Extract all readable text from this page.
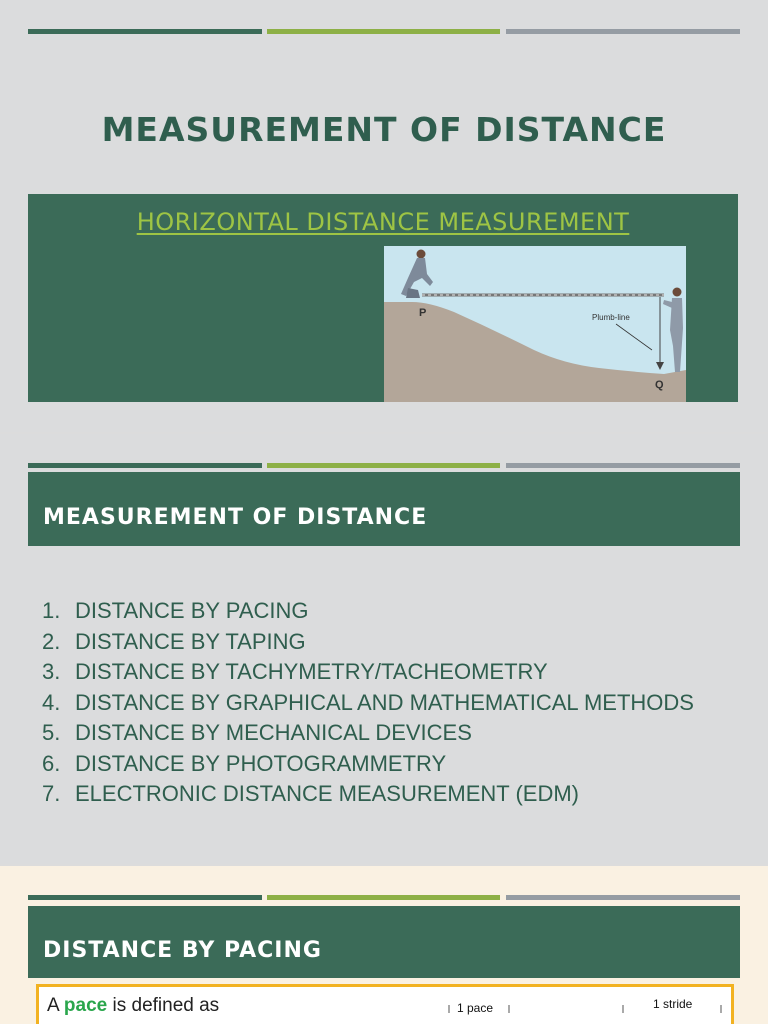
MEASUREMENT OF DISTANCE
HORIZONTAL DISTANCE MEASUREMENT
P
Q
Plumb-line
MEASUREMENT OF DISTANCE
1. DISTANCE BY PACING
2. DISTANCE BY TAPING
3. DISTANCE BY TACHYMETRY/TACHEOMETRY
4. DISTANCE BY GRAPHICAL AND MATHEMATICAL METHODS
5. DISTANCE BY MECHANICAL DEVICES
6. DISTANCE BY PHOTOGRAMMETRY
7. ELECTRONIC DISTANCE MEASUREMENT (EDM)
DISTANCE BY PACING
A pace is defined as	1 pace	1 stride
